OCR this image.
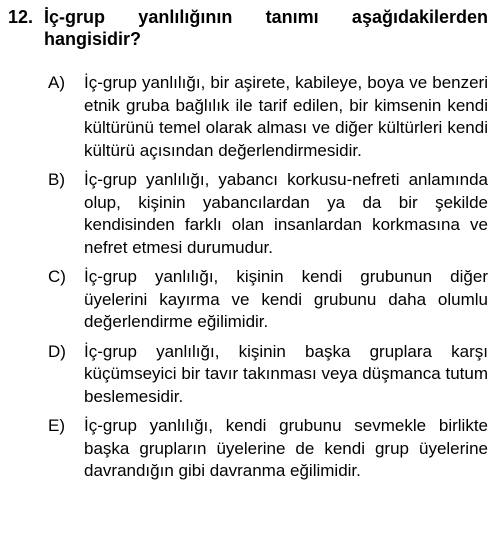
12. İç-grup yanlılığının tanımı aşağıdakilerden hangisidir?
A) İç-grup yanlılığı, bir aşirete, kabileye, boya ve benzeri etnik gruba bağlılık ile tarif edilen, bir kimsenin kendi kültürünü temel olarak alması ve diğer kültürleri kendi kültürü açısından değerlendirmesidir.
B) İç-grup yanlılığı, yabancı korkusu-nefreti anlamında olup, kişinin yabancılardan ya da bir şekilde kendisinden farklı olan insanlardan korkmasına ve nefret etmesi durumudur.
C) İç-grup yanlılığı, kişinin kendi grubunun diğer üyelerini kayırma ve kendi grubunu daha olumlu değerlendirme eğilimidir.
D) İç-grup yanlılığı, kişinin başka gruplara karşı küçümseyici bir tavır takınması veya düşmanca tutum beslemesidir.
E) İç-grup yanlılığı, kendi grubunu sevmekle birlikte başka grupların üyelerine de kendi grup üyelerine davrandığın gibi davranma eğilimidir.
